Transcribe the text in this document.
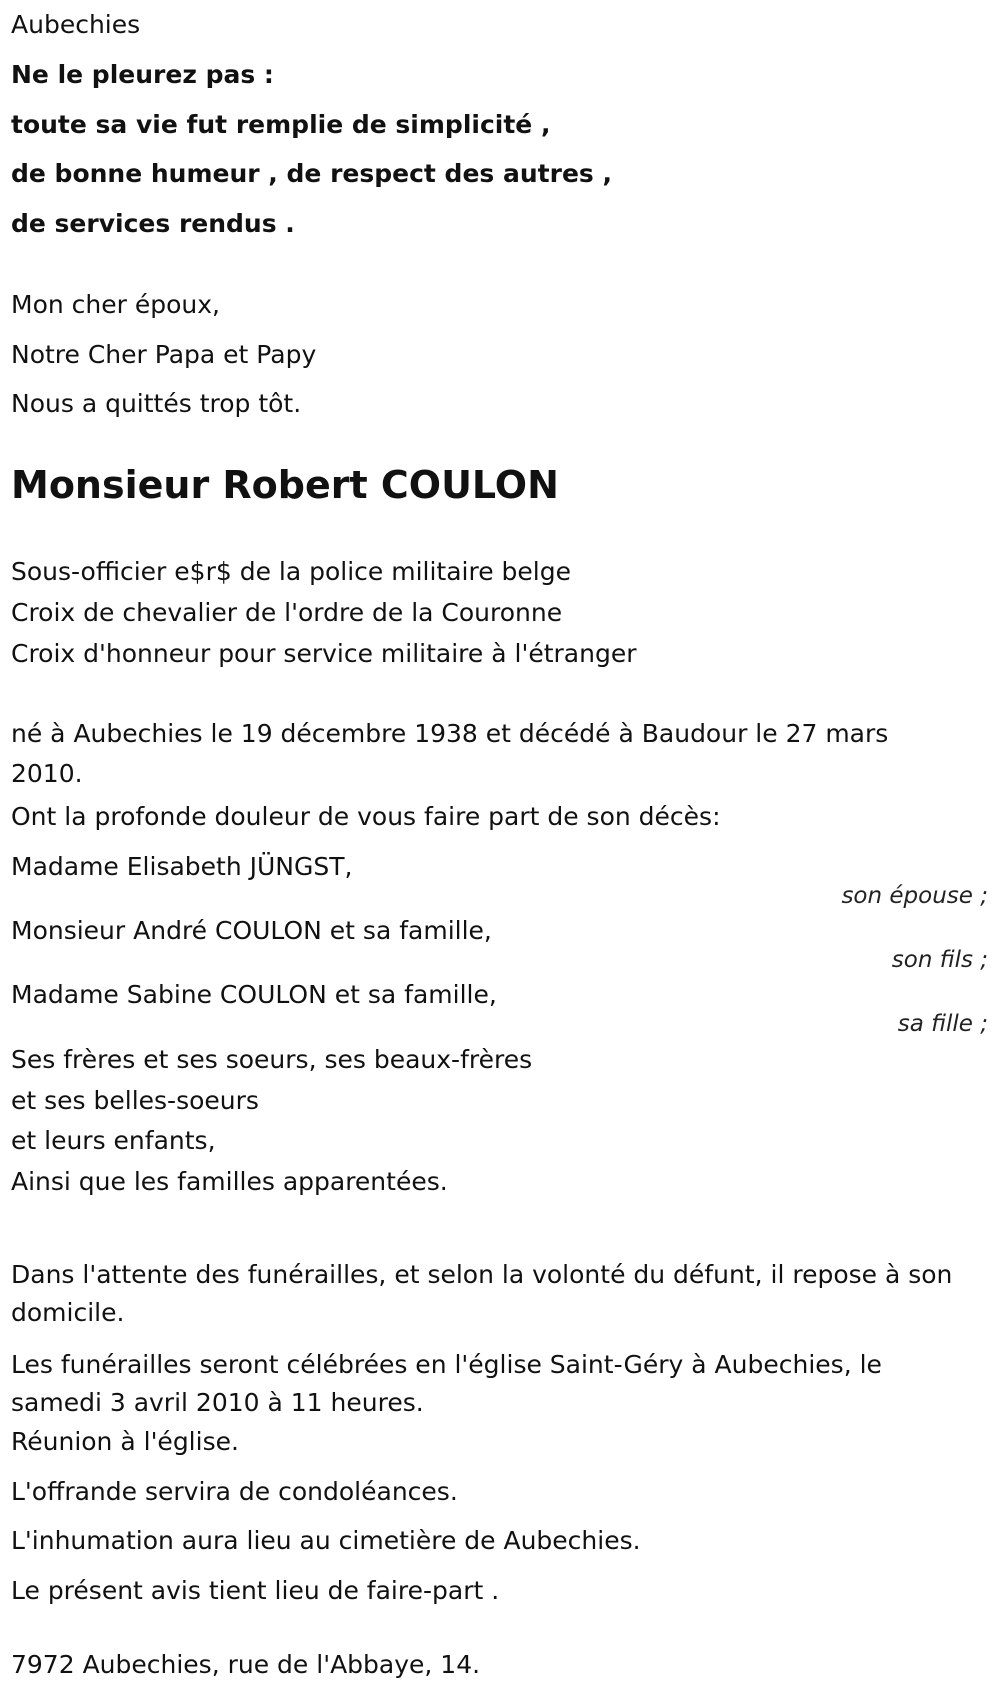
Aubechies
Ne le pleurez pas :
toute sa vie fut remplie de simplicité ,
de bonne humeur , de respect des autres ,
de services rendus .
Mon cher époux,
Notre Cher Papa et Papy
Nous a quittés trop tôt.
Monsieur Robert COULON
Sous-officier e$r$ de la police militaire belge
Croix de chevalier de l'ordre de la Couronne
Croix d'honneur pour service militaire à l'étranger
né à Aubechies le 19 décembre 1938 et décédé à Baudour le 27 mars 2010.
Ont la profonde douleur de vous faire part de son décès:
Madame Elisabeth JÜNGST,
son épouse ;
Monsieur André COULON et sa famille,
son fils ;
Madame Sabine COULON et sa famille,
sa fille ;
Ses frères et ses soeurs, ses beaux-frères
et ses belles-soeurs
et leurs enfants,
Ainsi que les familles apparentées.
Dans l'attente des funérailles, et selon la volonté du défunt, il repose à son domicile.
Les funérailles seront célébrées en l'église Saint-Géry à Aubechies, le samedi 3 avril 2010 à 11 heures.
Réunion à l'église.
L'offrande servira de condoléances.
L'inhumation aura lieu au cimetière de Aubechies.
Le présent avis tient lieu de faire-part .
7972 Aubechies, rue de l'Abbaye, 14.
